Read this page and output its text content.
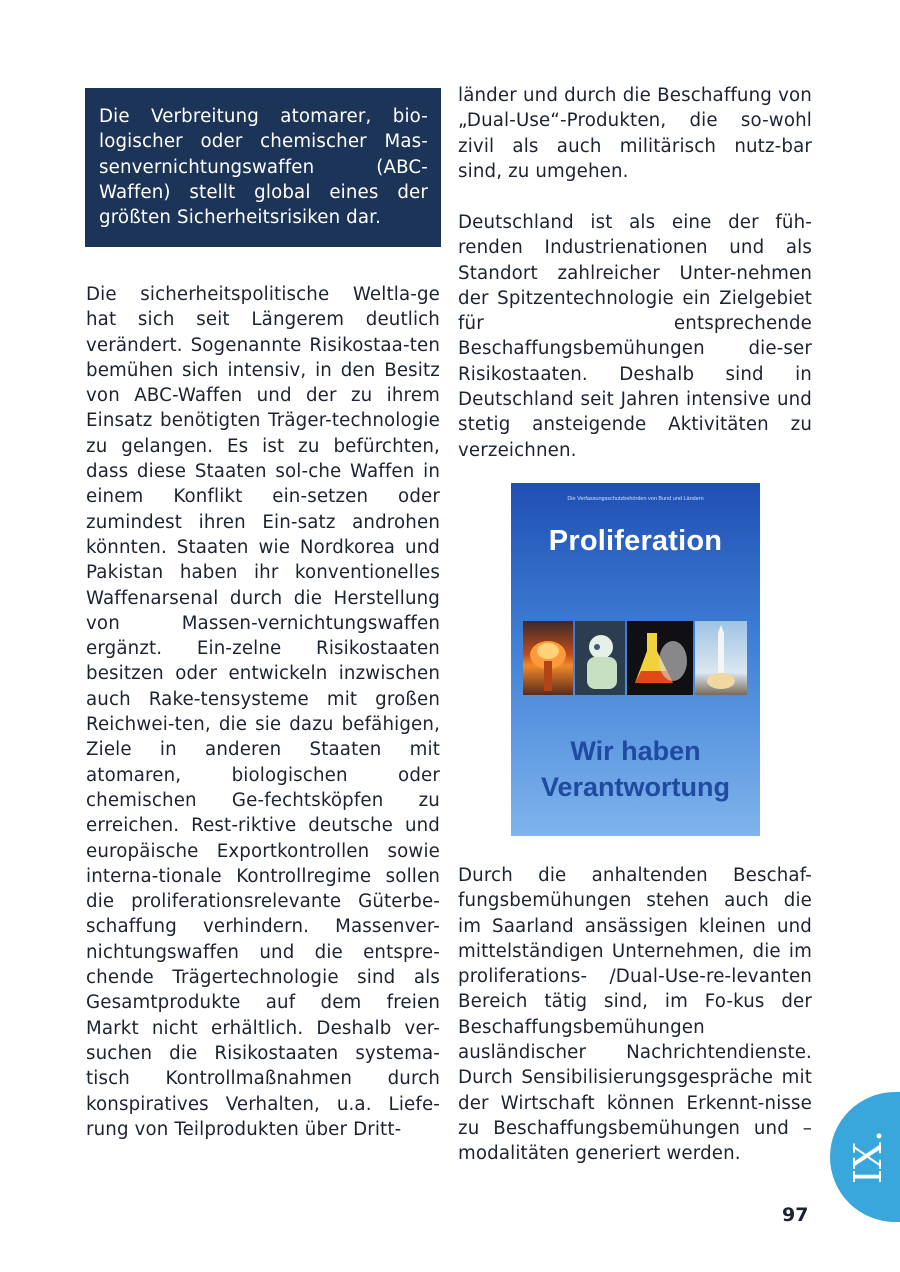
Die Verbreitung atomarer, bio-logischer oder chemischer Mas-senvernichtungswaffen (ABC-Waffen) stellt global eines der größten Sicherheitsrisiken dar.

Die sicherheitspolitische Weltla-ge hat sich seit Längerem deutlich verändert. Sogenannte Risikostaa-ten bemühen sich intensiv, in den Besitz von ABC-Waffen und der zu ihrem Einsatz benötigten Träger-technologie zu gelangen. Es ist zu befürchten, dass diese Staaten sol-che Waffen in einem Konflikt ein-setzen oder zumindest ihren Ein-satz androhen könnten. Staaten wie Nordkorea und Pakistan haben ihr konventionelles Waffenarsenal durch die Herstellung von Massen-vernichtungswaffen ergänzt. Ein-zelne Risikostaaten besitzen oder entwickeln inzwischen auch Rake-tensysteme mit großen Reichwei-ten, die sie dazu befähigen, Ziele in anderen Staaten mit atomaren, biologischen oder chemischen Ge-fechtsköpfen zu erreichen. Rest-riktive deutsche und europäische Exportkontrollen sowie interna-tionale Kontrollregime sollen die proliferationsrelevante Güterbe-schaffung verhindern. Massenver-nichtungswaffen und die entspre-chende Trägertechnologie sind als Gesamtprodukte auf dem freien Markt nicht erhältlich. Deshalb ver-suchen die Risikostaaten systema-tisch Kontrollmaßnahmen durch konspiratives Verhalten, u.a. Liefe-rung von Teilprodukten über Dritt-

länder und durch die Beschaffung von „Dual-Use“-Produkten, die so-wohl zivil als auch militärisch nutz-bar sind, zu umgehen.

Deutschland ist als eine der füh-renden Industrienationen und als Standort zahlreicher Unter-nehmen der Spitzentechnologie ein Zielgebiet für entsprechende Beschaffungsbemühungen die-ser Risikostaaten. Deshalb sind in Deutschland seit Jahren intensive und stetig ansteigende Aktivitäten zu verzeichnen.

Die Verfassungsschutzbehörden von Bund und Ländern
Proliferation
Wir haben
Verantwortung

Durch die anhaltenden Beschaf-fungsbemühungen stehen auch die im Saarland ansässigen kleinen und mittelständigen Unternehmen, die im proliferations- /Dual-Use-re-levanten Bereich tätig sind, im Fo-kus der Beschaffungsbemühungen ausländischer Nachrichtendienste. Durch Sensibilisierungsgespräche mit der Wirtschaft können Erkennt-nisse zu Beschaffungsbemühungen und –modalitäten generiert werden.	IX.
97
